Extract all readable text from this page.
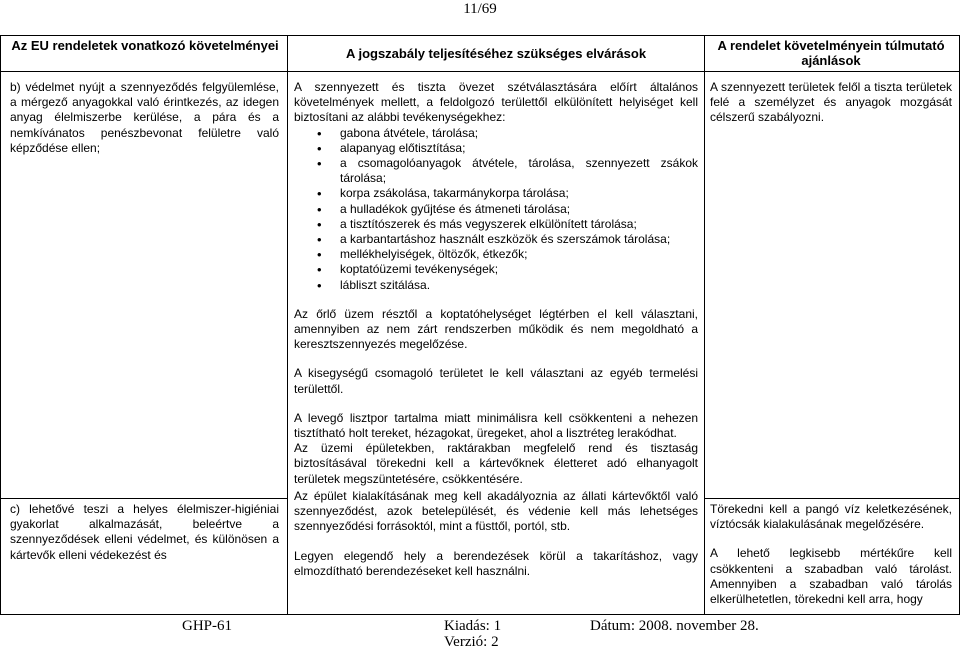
11/69
Az EU rendeletek vonatkozó követelményei
A jogszabály teljesítéséhez szükséges elvárások
A rendelet követelményein túlmutató ajánlások
b) védelmet nyújt a szennyeződés felgyülemlése, a mérgező anyagokkal való érintkezés, az idegen anyag élelmiszerbe kerülése, a pára és a nemkívánatos penészbevonat felületre való képződése ellen;

A szennyezett és tiszta övezet szétválasztására előírt általános követelmények mellett, a feldolgozó területtől elkülönített helyiséget kell biztosítani az alábbi tevékenységekhez:

• gabona átvétele, tárolása;
• alapanyag előtisztítása;
• a csomagolóanyagok átvétele, tárolása, szennyezett zsákok tárolása;
• korpa zsákolása, takarmánykorpa tárolása;
• a hulladékok gyűjtése és átmeneti tárolása;
• a tisztítószerek és más vegyszerek elkülönített tárolása;
• a karbantartáshoz használt eszközök és szerszámok tárolása;
• mellékhelyiségek, öltözők, étkezők;
• koptatóüzemi tevékenységek;
• lábliszt szitálása.

Az őrlő üzem résztől a koptatóhelységet légtérben el kell választani, amennyiben az nem zárt rendszerben működik és nem megoldható a keresztszennyezés megelőzése.

A kisegységű csomagoló területet le kell választani az egyéb termelési területtől.

A levegő lisztpor tartalma miatt minimálisra kell csökkenteni a nehezen tisztítható holt tereket, hézagokat, üregeket, ahol a lisztréteg lerakódhat.

Az üzemi épületekben, raktárakban megfelelő rend és tisztaság biztosításával törekedni kell a kártevőknek életteret adó elhanyagolt területek megszüntetésére, csökkentésére.

A szennyezett területek felől a tiszta területek felé a személyzet és anyagok mozgását célszerű szabályozni.
c) lehetővé teszi a helyes élelmiszer-higiéniai gyakorlat alkalmazását, beleértve a szennyeződések elleni védelmet, és különösen a kártevők elleni védekezést és

Az épület kialakításának meg kell akadályoznia az állati kártevőktől való szennyeződést, azok betelepülését, és védenie kell más lehetséges szennyeződési forrásoktól, mint a füsttől, portól, stb.

Legyen elegendő hely a berendezések körül a takarításhoz, vagy elmozdítható berendezéseket kell használni.

Törekedni kell a pangó víz keletkezésének, víztócsák kialakulásának megelőzésére.

A lehető legkisebb mértékűre kell csökkenteni a szabadban való tárolást. Amennyiben a szabadban való tárolás elkerülhetetlen, törekedni kell arra, hogy

GHP-61	Kiadás: 1	Dátum: 2008. november 28.
Verzió: 2
